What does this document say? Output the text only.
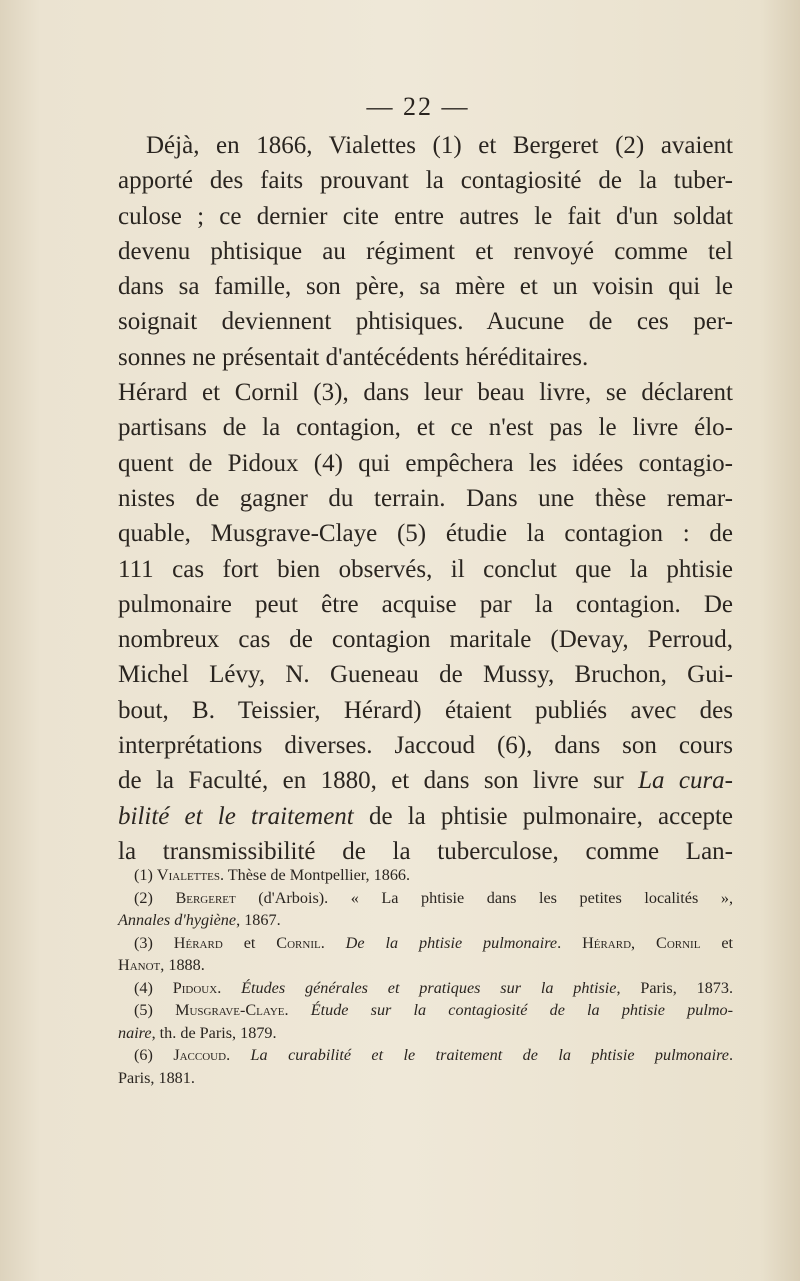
— 22 —
Déjà, en 1866, Vialettes (1) et Bergeret (2) avaient
apporté des faits prouvant la contagiosité de la tuber-
culose ; ce dernier cite entre autres le fait d'un soldat
devenu phtisique au régiment et renvoyé comme tel
dans sa famille, son père, sa mère et un voisin qui le
soignait deviennent phtisiques. Aucune de ces per-
sonnes ne présentait d'antécédents héréditaires.
Hérard et Cornil (3), dans leur beau livre, se déclarent
partisans de la contagion, et ce n'est pas le livre élo-
quent de Pidoux (4) qui empêchera les idées contagio-
nistes de gagner du terrain. Dans une thèse remar-
quable, Musgrave-Claye (5) étudie la contagion : de
111 cas fort bien observés, il conclut que la phtisie
pulmonaire peut être acquise par la contagion. De
nombreux cas de contagion maritale (Devay, Perroud,
Michel Lévy, N. Gueneau de Mussy, Bruchon, Gui-
bout, B. Teissier, Hérard) étaient publiés avec des
interprétations diverses. Jaccoud (6), dans son cours
de la Faculté, en 1880, et dans son livre sur La cura-
bilité et le traitement de la phtisie pulmonaire, accepte
la transmissibilité de la tuberculose, comme Lan-
(1) Vialettes. Thèse de Montpellier, 1866.
(2) Bergeret (d'Arbois). « La phtisie dans les petites localités »,
Annales d'hygiène, 1867.
(3) Hérard et Cornil. De la phtisie pulmonaire. Hérard, Cornil et
Hanot, 1888.
(4) Pidoux. Études générales et pratiques sur la phtisie, Paris, 1873.
(5) Musgrave-Claye. Étude sur la contagiosité de la phtisie pulmo-
naire, th. de Paris, 1879.
(6) Jaccoud. La curabilité et le traitement de la phtisie pulmonaire.
Paris, 1881.
